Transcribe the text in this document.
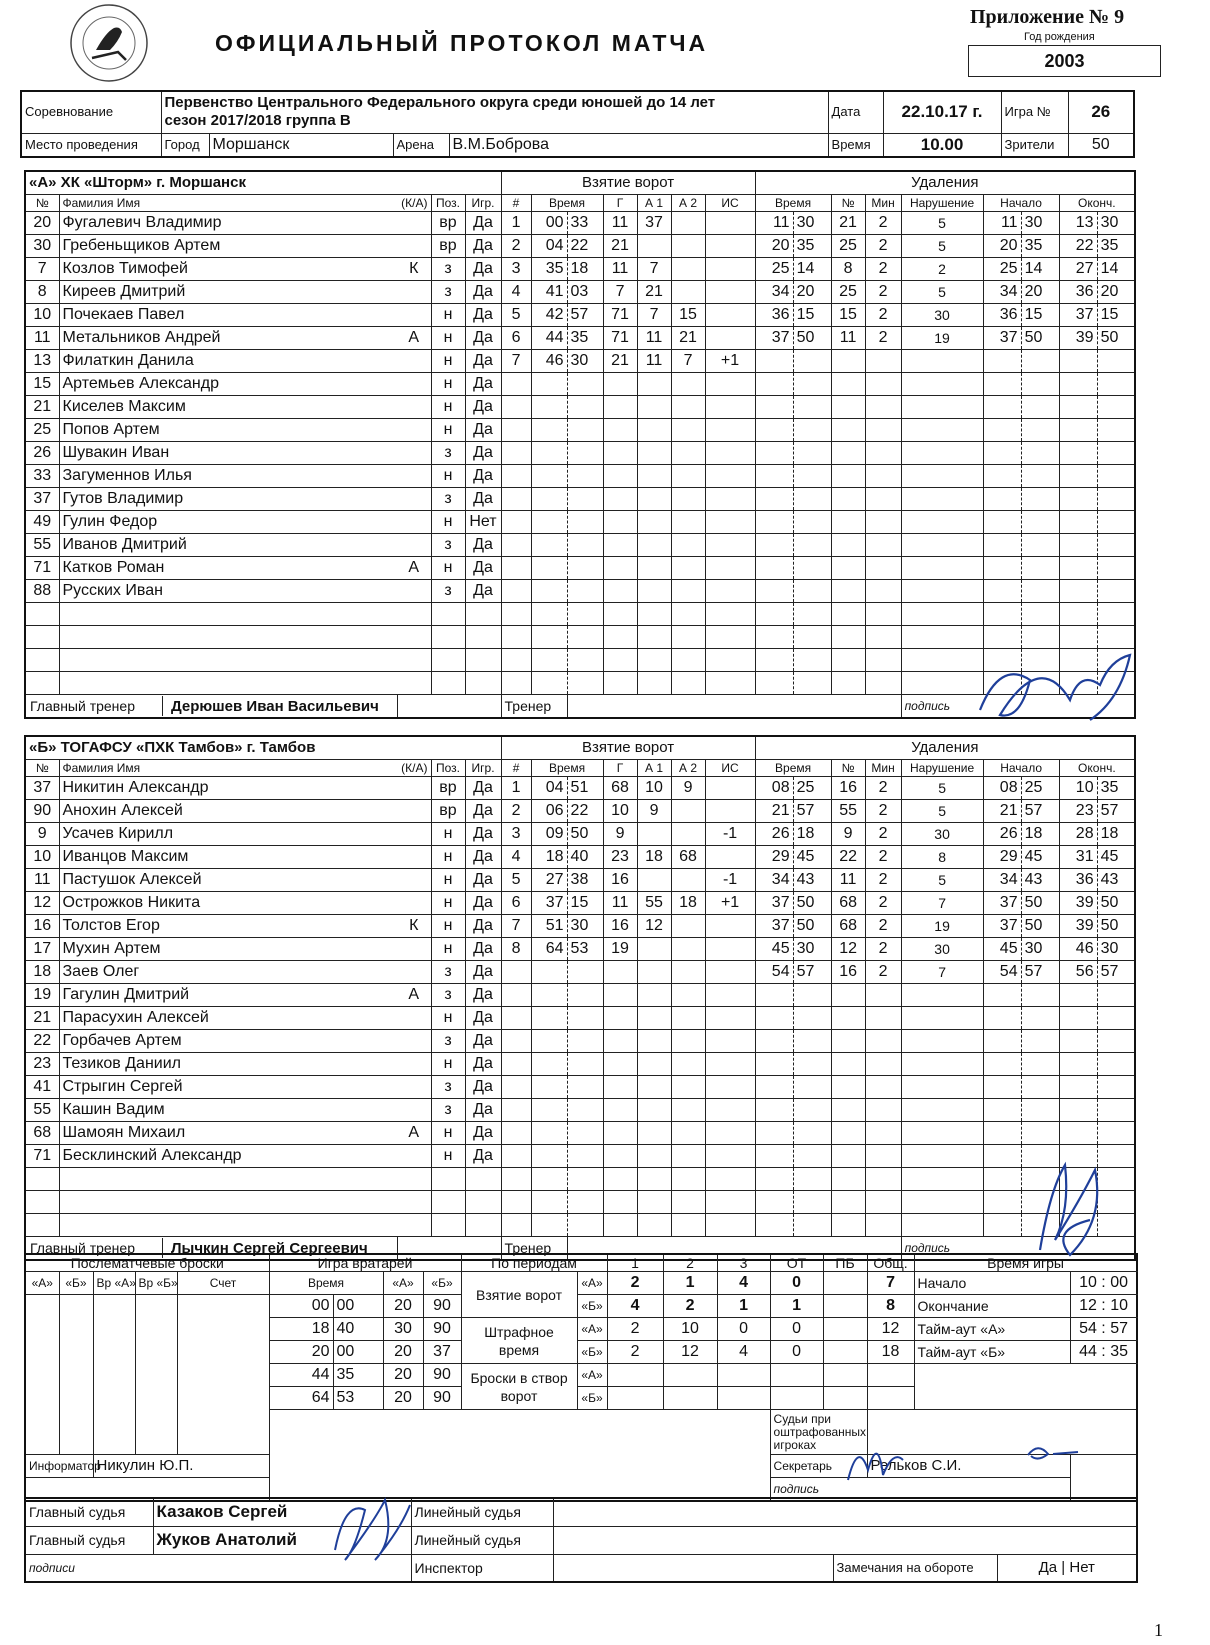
ОФИЦИАЛЬНЫЙ ПРОТОКОЛ МАТЧА
Приложение № 9
Год рождения
2003
Соревнование	Первенство Центрального Федерального округа среди юношей до 14 лет
сезон 2017/2018 группа В				Дата	22.10.17 г.	Игра №	26
Место проведения	Город	Моршанск	Арена	В.М.Боброва	Время	10.00	Зрители	50
«А» ХК «Шторм» г. Моршанск					Взятие ворот							Удаления								
№	Фамилия Имя (К/А)		Поз.	Игр.	#	Время		Г	А 1	А 2	ИС	Время		№	Мин	Нарушение	Начало		Оконч.	
20	Фугалевич Владимир		вр	Да	1	00	33	11	37			11	30	21	2	5	11	30	13	30
30	Гребеньщиков Артем		вр	Да	2	04	22	21				20	35	25	2	5	20	35	22	35
7	Козлов Тимофей	К	з	Да	3	35	18	11	7			25	14	8	2	2	25	14	27	14
8	Киреев Дмитрий		з	Да	4	41	03	7	21			34	20	25	2	5	34	20	36	20
10	Почекаев Павел		н	Да	5	42	57	71	7	15		36	15	15	2	30	36	15	37	15
11	Метальников Андрей	А	н	Да	6	44	35	71	11	21		37	50	11	2	19	37	50	39	50
13	Филаткин Данила		н	Да	7	46	30	21	11	7	+1									
15	Артемьев Александр		н	Да																
21	Киселев Максим		н	Да																
25	Попов Артем		н	Да																
26	Шувакин Иван		з	Да																
33	Загуменнов Илья		н	Да																
37	Гутов Владимир		з	Да																
49	Гулин Федор		н	Нет																
55	Иванов Дмитрий		з	Да																
71	Катков Роман	А	н	Да																
88	Русских Иван		з	Да																

Главный тренер Дерюшев Иван Васильевич					Тренер											подпись				
«Б» ТОГАФСУ «ПХК Тамбов» г. Тамбов					Взятие ворот							Удаления								
№	Фамилия Имя (К/А)		Поз.	Игр.	#	Время		Г	А 1	А 2	ИС	Время		№	Мин	Нарушение	Начало		Оконч.	
37	Никитин Александр		вр	Да	1	04	51	68	10	9		08	25	16	2	5	08	25	10	35
90	Анохин Алексей		вр	Да	2	06	22	10	9			21	57	55	2	5	21	57	23	57
9	Усачев Кирилл		н	Да	3	09	50	9			-1	26	18	9	2	30	26	18	28	18
10	Иванцов Максим		н	Да	4	18	40	23	18	68		29	45	22	2	8	29	45	31	45
11	Пастушок Алексей		н	Да	5	27	38	16			-1	34	43	11	2	5	34	43	36	43
12	Острожков Никита		н	Да	6	37	15	11	55	18	+1	37	50	68	2	7	37	50	39	50
16	Толстов Егор	К	н	Да	7	51	30	16	12			37	50	68	2	19	37	50	39	50
17	Мухин Артем		н	Да	8	64	53	19				45	30	12	2	30	45	30	46	30
18	Заев Олег		з	Да								54	57	16	2	7	54	57	56	57
19	Гагулин Дмитрий	А	з	Да																
21	Парасухин Алексей		н	Да																
22	Горбачев Артем		з	Да																
23	Тезиков Даниил		н	Да																
41	Стрыгин Сергей		з	Да																
55	Кашин Вадим		з	Да																
68	Шамоян Михаил	А	н	Да																
71	Бесклинский Александр		н	Да																

Главный тренер Лычкин Сергей Сергеевич					Тренер											подпись				
Послематчевые броски					Игра вратарей				По периодам		1	2	3	ОТ	ПБ	Общ.	Время игры		
«А»	«Б»	Вр «А»	Вр «Б»	Счет	Время		«А»	«Б»	Взятие ворот	«А»	2	1	4	0		7	Начало	10 : 00	
					00	00	20	90		«Б»	4	2	1	1		8	Окончание	12 : 10	
					18	40	30	90	Штрафное время	«А»	2	10	0	0		12	Тайм-аут «А»	54 : 57	
					20	00	20	37		«Б»	2	12	4	0		18	Тайм-аут «Б»	44 : 35	
					44	35	20	90	Броски в створ ворот	«А»									
					64	53	20	90		«Б»									
														Судьи при оштрафованных игроках			
Информатор		Никулин Ю.П.												Секретарь		Рельков С.И.			
														подпись					
Главный судья	Казаков Сергей	Линейный судья			
Главный судья	Жуков Анатолий	Линейный судья			
подписи		Инспектор		Замечания на обороте	Да | Нет
1
